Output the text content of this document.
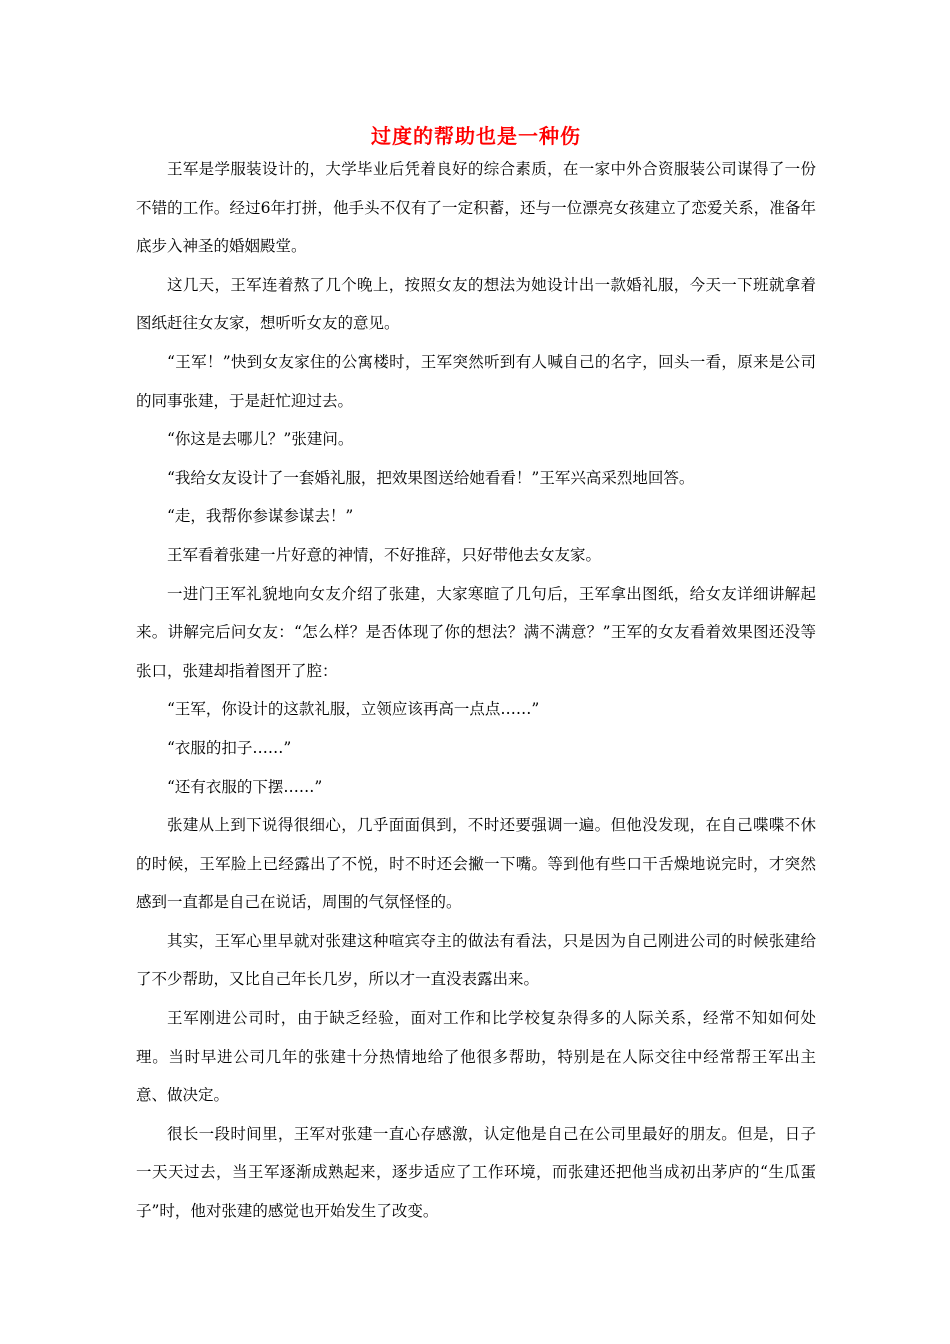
过度的帮助也是一种伤

王军是学服装设计的，大学毕业后凭着良好的综合素质，在一家中外合资服装公司谋得了一份不错的工作。经过6年打拼，他手头不仅有了一定积蓄，还与一位漂亮女孩建立了恋爱关系，准备年底步入神圣的婚姻殿堂。

这几天，王军连着熬了几个晚上，按照女友的想法为她设计出一款婚礼服，今天一下班就拿着图纸赶往女友家，想听听女友的意见。

“王军！”快到女友家住的公寓楼时，王军突然听到有人喊自己的名字，回头一看，原来是公司的同事张建，于是赶忙迎过去。

“你这是去哪儿？”张建问。

“我给女友设计了一套婚礼服，把效果图送给她看看！”王军兴高采烈地回答。

“走，我帮你参谋参谋去！”

王军看着张建一片好意的神情，不好推辞，只好带他去女友家。

一进门王军礼貌地向女友介绍了张建，大家寒暄了几句后，王军拿出图纸，给女友详细讲解起来。讲解完后问女友：“怎么样？是否体现了你的想法？满不满意？”王军的女友看着效果图还没等张口，张建却指着图开了腔：

“王军，你设计的这款礼服，立领应该再高一点点……”

“衣服的扣子……”

“还有衣服的下摆……”

张建从上到下说得很细心，几乎面面俱到，不时还要强调一遍。但他没发现，在自己喋喋不休的时候，王军脸上已经露出了不悦，时不时还会撇一下嘴。等到他有些口干舌燥地说完时，才突然感到一直都是自己在说话，周围的气氛怪怪的。

其实，王军心里早就对张建这种喧宾夺主的做法有看法，只是因为自己刚进公司的时候张建给了不少帮助，又比自己年长几岁，所以才一直没表露出来。

王军刚进公司时，由于缺乏经验，面对工作和比学校复杂得多的人际关系，经常不知如何处理。当时早进公司几年的张建十分热情地给了他很多帮助，特别是在人际交往中经常帮王军出主意、做决定。

很长一段时间里，王军对张建一直心存感激，认定他是自己在公司里最好的朋友。但是，日子一天天过去，当王军逐渐成熟起来，逐步适应了工作环境，而张建还把他当成初出茅庐的“生瓜蛋子”时，他对张建的感觉也开始发生了改变。
